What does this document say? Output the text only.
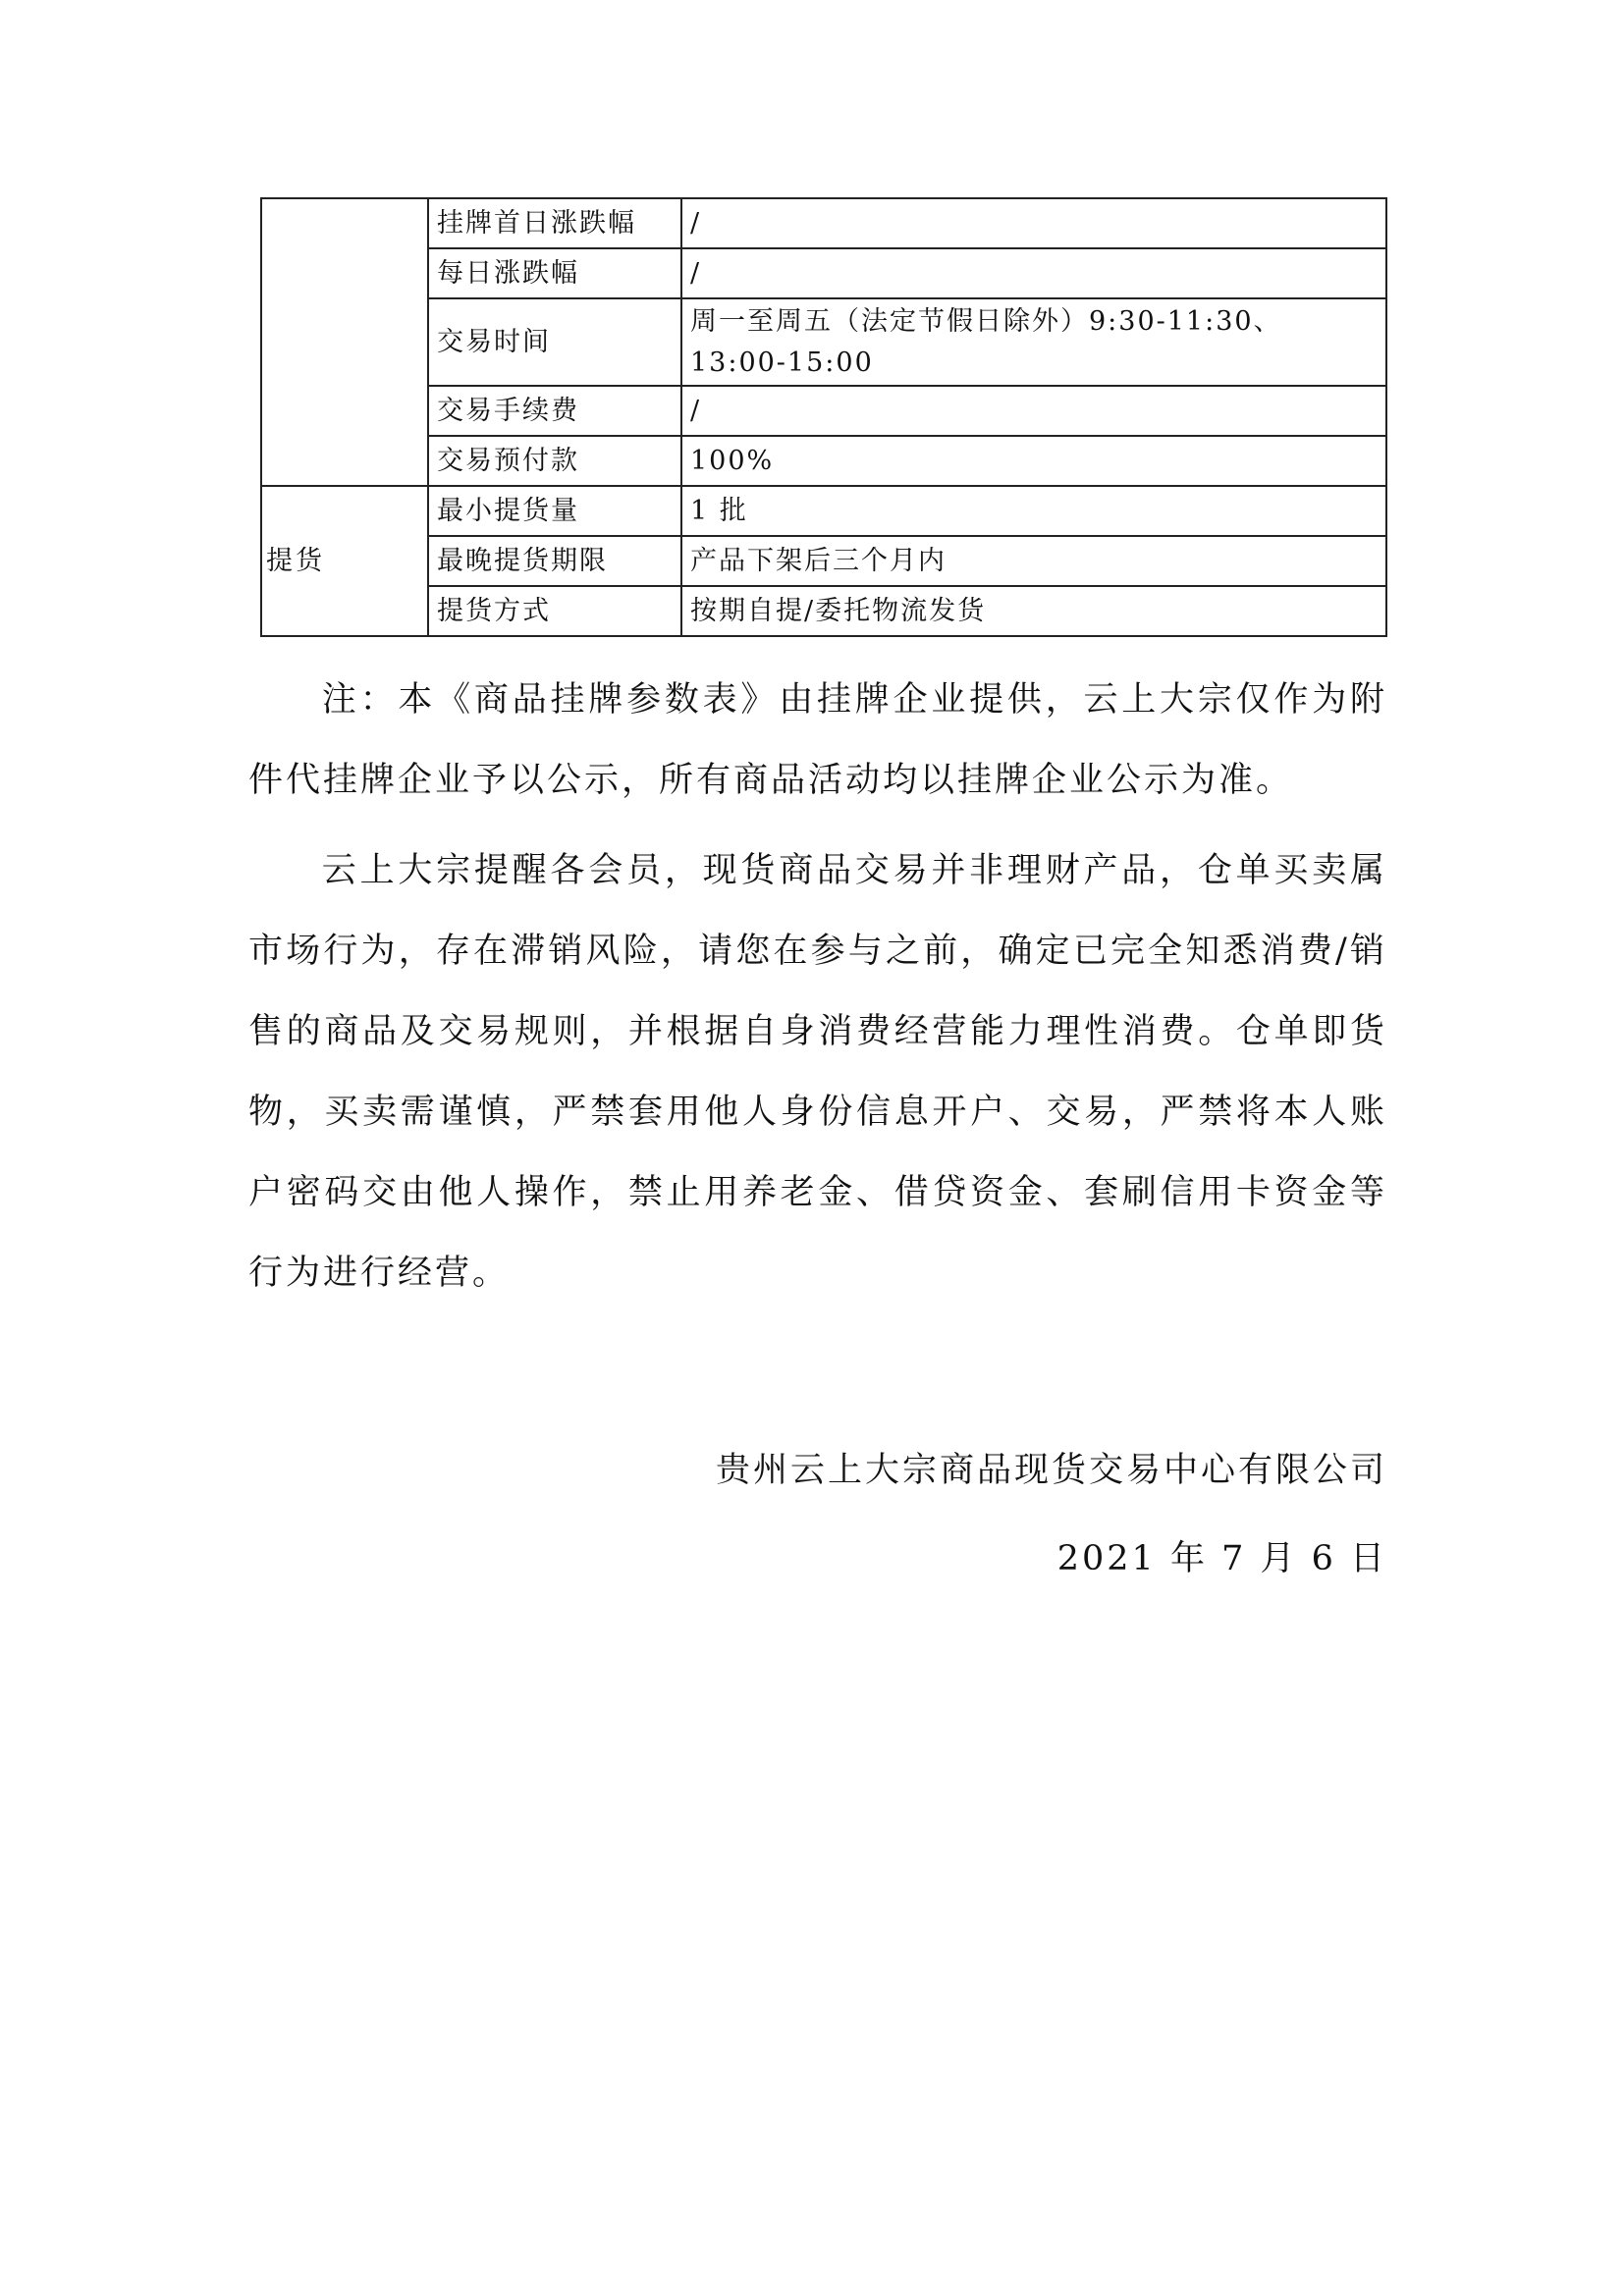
	挂牌首日涨跌幅	/
	每日涨跌幅	/
	交易时间	周一至周五（法定节假日除外）9:30-11:30、
13:00-15:00

	交易手续费	/
	交易预付款	100%
提货	最小提货量	1 批
	最晚提货期限	产品下架后三个月内
	提货方式	按期自提/委托物流发货

注：本《商品挂牌参数表》由挂牌企业提供，云上大宗仅作为附件代挂牌企业予以公示，所有商品活动均以挂牌企业公示为准。

云上大宗提醒各会员，现货商品交易并非理财产品，仓单买卖属市场行为，存在滞销风险，请您在参与之前，确定已完全知悉消费/销售的商品及交易规则，并根据自身消费经营能力理性消费。仓单即货物，买卖需谨慎，严禁套用他人身份信息开户、交易，严禁将本人账户密码交由他人操作，禁止用养老金、借贷资金、套刷信用卡资金等行为进行经营。

贵州云上大宗商品现货交易中心有限公司

2021 年 7 月 6 日
